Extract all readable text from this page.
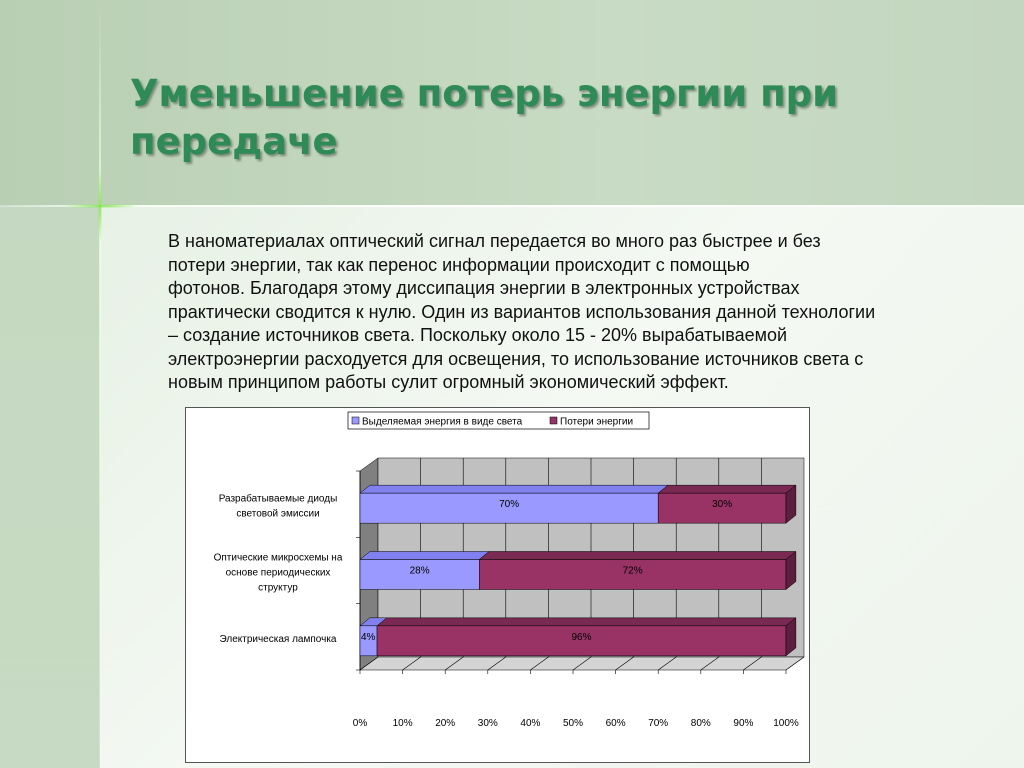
Уменьшение потерь энергии при передаче

В наноматериалах оптический сигнал передается во много раз быстрее и без
потери энергии, так как перенос информации происходит с помощью
фотонов. Благодаря этому диссипация энергии в электронных устройствах
практически сводится к нулю. Один из вариантов использования данной технологии
– создание источников света. Поскольку около 15 - 20% вырабатываемой
электроэнергии расходуется для освещения, то использование источников света с
новым принципом работы сулит огромный экономический эффект.

0%	10% 20% 30% 40% 50% 60% 70% 80% 90% 100%
70%	30%
Разрабатываемые диоды
световой эмиссии
28%	72%
Оптические микросхемы на
основе периодических
структур
4%	96%
Электрическая лампочка
Выделяемая энергия в виде света	Потери энергии
